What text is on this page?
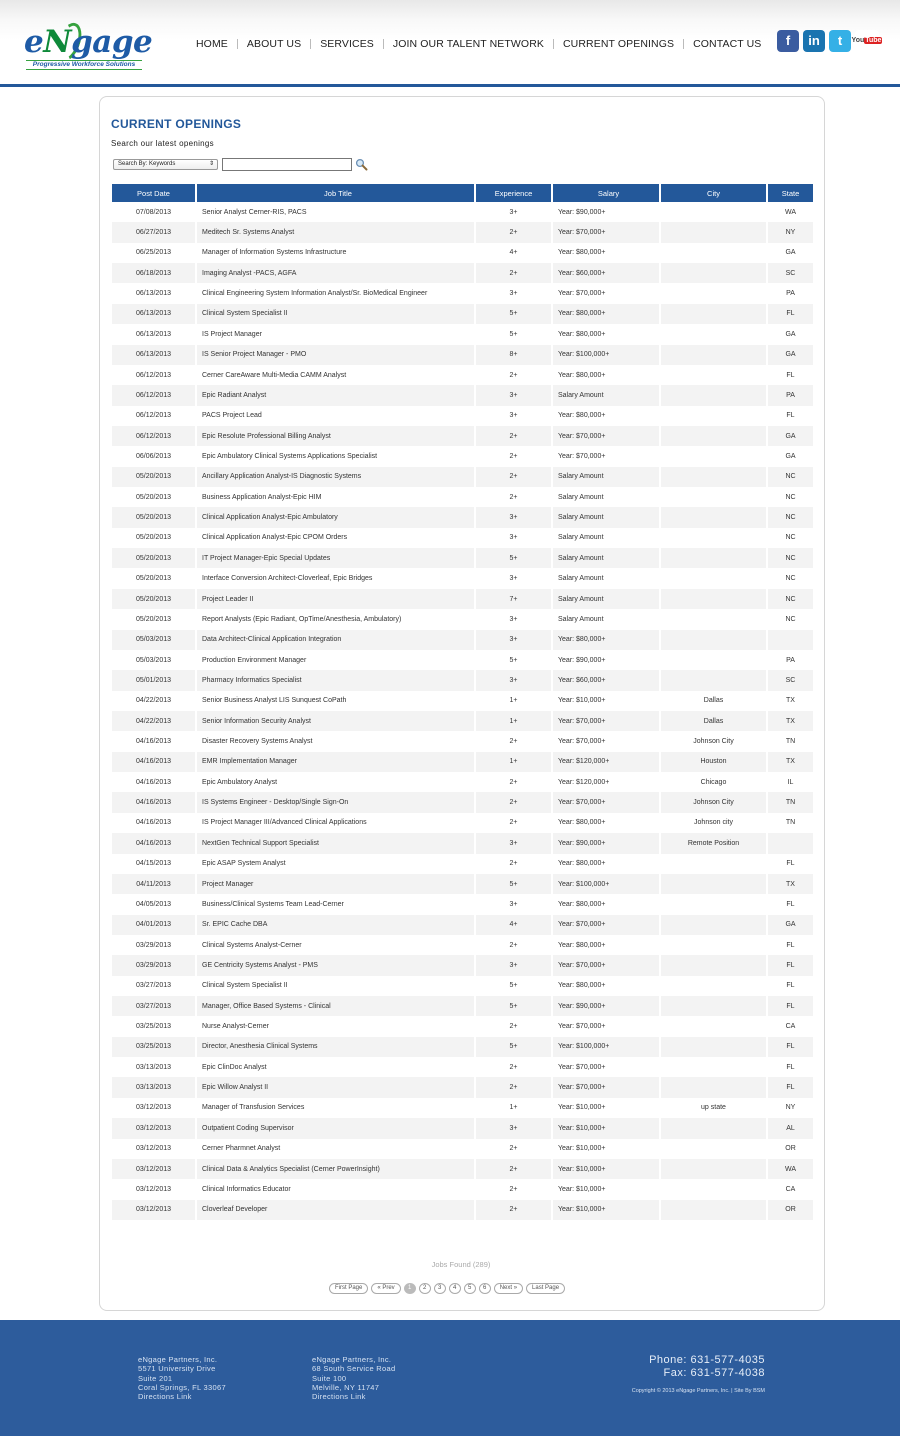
eNgage
Progressive Workforce Solutions
HOME ABOUT US SERVICES JOIN OUR TALENT NETWORK CURRENT OPENINGS CONTACT US f in t YouTube
CURRENT OPENINGS
Search our latest openings
Search By: Keywords	⇕
Post Date	Job Title	Experience	Salary	City	State
07/08/2013	Senior Analyst Cerner-RIS, PACS	3+	Year: $90,000+		WA
06/27/2013	Meditech Sr. Systems Analyst	2+	Year: $70,000+		NY
06/25/2013	Manager of Information Systems Infrastructure	4+	Year: $80,000+		GA
06/18/2013	Imaging Analyst -PACS, AGFA	2+	Year: $60,000+		SC
06/13/2013	Clinical Engineering System Information Analyst/Sr. BioMedical Engineer	3+	Year: $70,000+		PA
06/13/2013	Clinical System Specialist II	5+	Year: $80,000+		FL
06/13/2013	IS Project Manager	5+	Year: $80,000+		GA
06/13/2013	IS Senior Project Manager - PMO	8+	Year: $100,000+		GA
06/12/2013	Cerner CareAware Multi-Media CAMM Analyst	2+	Year: $80,000+		FL
06/12/2013	Epic Radiant Analyst	3+	Salary Amount		PA
06/12/2013	PACS Project Lead	3+	Year: $80,000+		FL
06/12/2013	Epic Resolute Professional Billing Analyst	2+	Year: $70,000+		GA
06/06/2013	Epic Ambulatory Clinical Systems Applications Specialist	2+	Year: $70,000+		GA
05/20/2013	Ancillary Application Analyst-IS Diagnostic Systems	2+	Salary Amount		NC
05/20/2013	Business Application Analyst-Epic HIM	2+	Salary Amount		NC
05/20/2013	Clinical Application Analyst-Epic Ambulatory	3+	Salary Amount		NC
05/20/2013	Clinical Application Analyst-Epic CPOM Orders	3+	Salary Amount		NC
05/20/2013	IT Project Manager-Epic Special Updates	5+	Salary Amount		NC
05/20/2013	Interface Conversion Architect-Cloverleaf, Epic Bridges	3+	Salary Amount		NC
05/20/2013	Project Leader II	7+	Salary Amount		NC
05/20/2013	Report Analysts (Epic Radiant, OpTime/Anesthesia, Ambulatory)	3+	Salary Amount		NC
05/03/2013	Data Architect-Clinical Application Integration	3+	Year: $80,000+		
05/03/2013	Production Environment Manager	5+	Year: $90,000+		PA
05/01/2013	Pharmacy Informatics Specialist	3+	Year: $60,000+		SC
04/22/2013	Senior Business Analyst LIS Sunquest CoPath	1+	Year: $10,000+	Dallas	TX
04/22/2013	Senior Information Security Analyst	1+	Year: $70,000+	Dallas	TX
04/16/2013	Disaster Recovery Systems Analyst	2+	Year: $70,000+	Johnson City	TN
04/16/2013	EMR Implementation Manager	1+	Year: $120,000+	Houston	TX
04/16/2013	Epic Ambulatory Analyst	2+	Year: $120,000+	Chicago	IL
04/16/2013	IS Systems Engineer - Desktop/Single Sign-On	2+	Year: $70,000+	Johnson City	TN
04/16/2013	IS Project Manager III/Advanced Clinical Applications	2+	Year: $80,000+	Johnson city	TN
04/16/2013	NextGen Technical Support Specialist	3+	Year: $90,000+	Remote Position	
04/15/2013	Epic ASAP System Analyst	2+	Year: $80,000+		FL
04/11/2013	Project Manager	5+	Year: $100,000+		TX
04/05/2013	Business/Clinical Systems Team Lead-Cerner	3+	Year: $80,000+		FL
04/01/2013	Sr. EPIC Cache DBA	4+	Year: $70,000+		GA
03/29/2013	Clinical Systems Analyst-Cerner	2+	Year: $80,000+		FL
03/29/2013	GE Centricity Systems Analyst - PMS	3+	Year: $70,000+		FL
03/27/2013	Clinical System Specialist II	5+	Year: $80,000+		FL
03/27/2013	Manager, Office Based Systems - Clinical	5+	Year: $90,000+		FL
03/25/2013	Nurse Analyst-Cerner	2+	Year: $70,000+		CA
03/25/2013	Director, Anesthesia Clinical Systems	5+	Year: $100,000+		FL
03/13/2013	Epic ClinDoc Analyst	2+	Year: $70,000+		FL
03/13/2013	Epic Willow Analyst II	2+	Year: $70,000+		FL
03/12/2013	Manager of Transfusion Services	1+	Year: $10,000+	up state	NY
03/12/2013	Outpatient Coding Supervisor	3+	Year: $10,000+		AL
03/12/2013	Cerner Pharmnet Analyst	2+	Year: $10,000+		OR
03/12/2013	Clinical Data & Analytics Specialist (Cerner PowerInsight)	2+	Year: $10,000+		WA
03/12/2013	Clinical Informatics Educator	2+	Year: $10,000+		CA
03/12/2013	Cloverleaf Developer	2+	Year: $10,000+		OR
Jobs Found (289)
First Page	« Prev	1	2	3	4	5	6	Next »	Last Page
eNgage Partners, Inc.
5571 University Drive
Suite 201
Coral Springs, FL 33067
Directions Link
eNgage Partners, Inc.
68 South Service Road
Suite 100
Melville, NY 11747
Directions Link
Phone: 631-577-4035
Fax: 631-577-4038
Copyright © 2013 eNgage Partners, Inc. | Site By BSM
